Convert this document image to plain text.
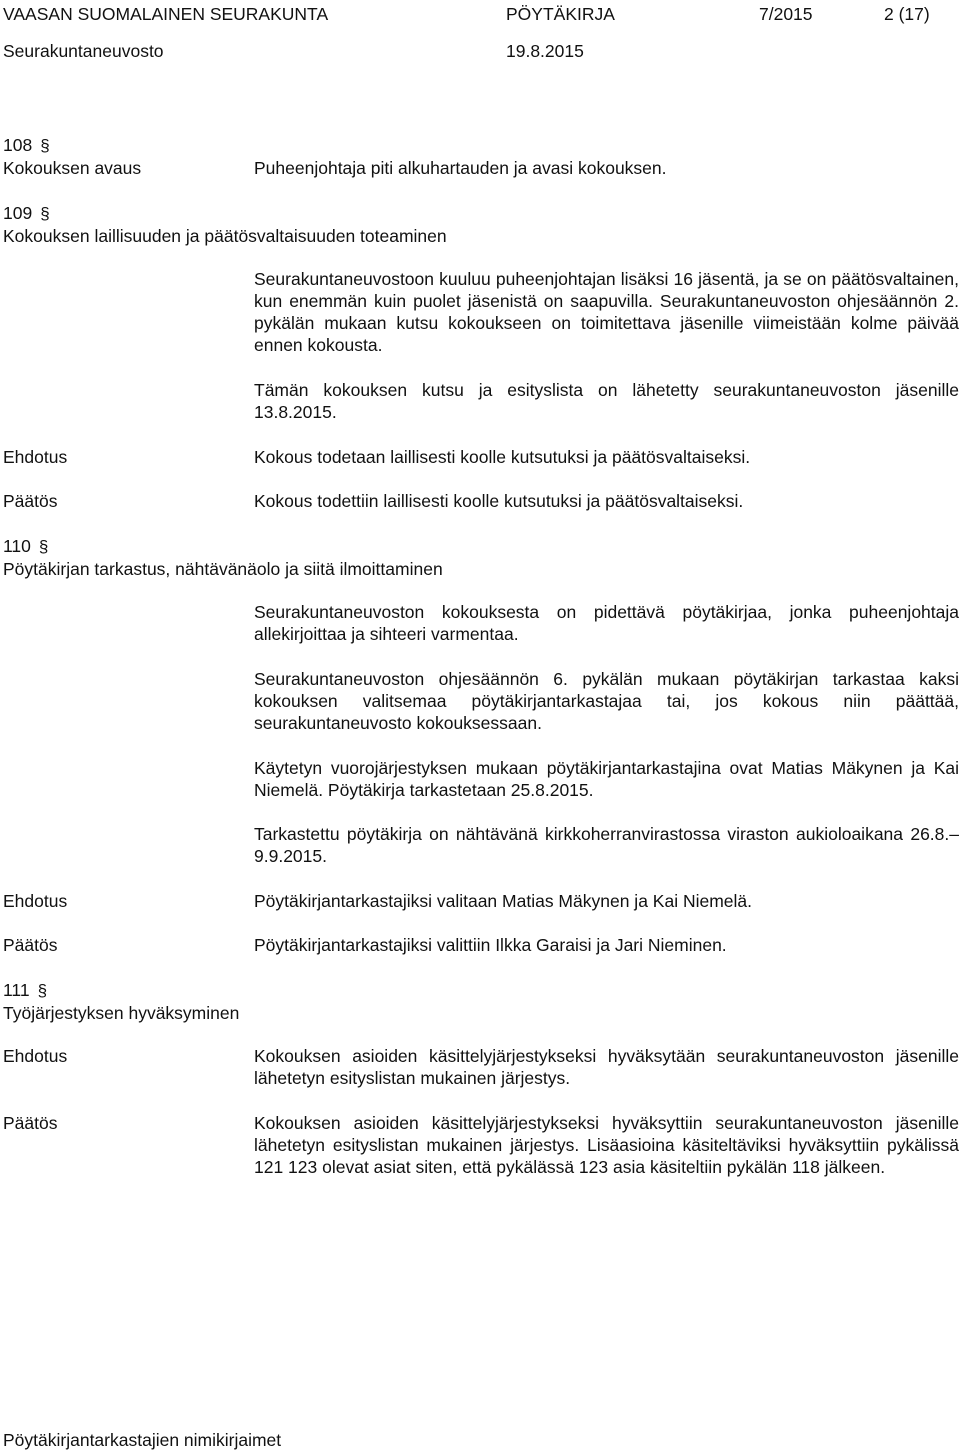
VAASAN SUOMALAINEN SEURAKUNTA	PÖYTÄKIRJA	7/2015	2 (17)
Seurakuntaneuvosto	19.8.2015
108 §
Kokouksen avaus	Puheenjohtaja piti alkuhartauden ja avasi kokouksen.
109 §
Kokouksen laillisuuden ja päätösvaltaisuuden toteaminen
Seurakuntaneuvostoon kuuluu puheenjohtajan lisäksi 16 jäsentä, ja se on päätösvaltainen, kun enemmän kuin puolet jäsenistä on saapuvilla. Seurakuntaneuvoston ohjesäännön 2. pykälän mukaan kutsu kokoukseen on toimitettava jäsenille viimeistään kolme päivää ennen kokousta.
Tämän kokouksen kutsu ja esityslista on lähetetty seurakuntaneuvoston jäsenille 13.8.2015.
Ehdotus	Kokous todetaan laillisesti koolle kutsutuksi ja päätösvaltaiseksi.
Päätös	Kokous todettiin laillisesti koolle kutsutuksi ja päätösvaltaiseksi.
110 §
Pöytäkirjan tarkastus, nähtävänäolo ja siitä ilmoittaminen
Seurakuntaneuvoston kokouksesta on pidettävä pöytäkirjaa, jonka puheenjohtaja allekirjoittaa ja sihteeri varmentaa.
Seurakuntaneuvoston ohjesäännön 6. pykälän mukaan pöytäkirjan tarkastaa kaksi kokouksen valitsemaa pöytäkirjantarkastajaa tai, jos kokous niin päättää, seurakuntaneuvosto kokouksessaan.
Käytetyn vuorojärjestyksen mukaan pöytäkirjantarkastajina ovat Matias Mäkynen ja Kai Niemelä. Pöytäkirja tarkastetaan 25.8.2015.
Tarkastettu pöytäkirja on nähtävänä kirkkoherranvirastossa viraston aukioloaikana 26.8.– 9.9.2015.
Ehdotus	Pöytäkirjantarkastajiksi valitaan Matias Mäkynen ja Kai Niemelä.
Päätös	Pöytäkirjantarkastajiksi valittiin Ilkka Garaisi ja Jari Nieminen.
111 §
Työjärjestyksen hyväksyminen
Ehdotus	Kokouksen asioiden käsittelyjärjestykseksi hyväksytään seurakuntaneuvoston jäsenille lähetetyn esityslistan mukainen järjestys.
Päätös	Kokouksen asioiden käsittelyjärjestykseksi hyväksyttiin seurakuntaneuvoston jäsenille lähetetyn esityslistan mukainen järjestys. Lisäasioina käsiteltäviksi hyväksyttiin pykälissä 121 123 olevat asiat siten, että pykälässä 123 asia käsiteltiin pykälän 118 jälkeen.
Pöytäkirjantarkastajien nimikirjaimet
